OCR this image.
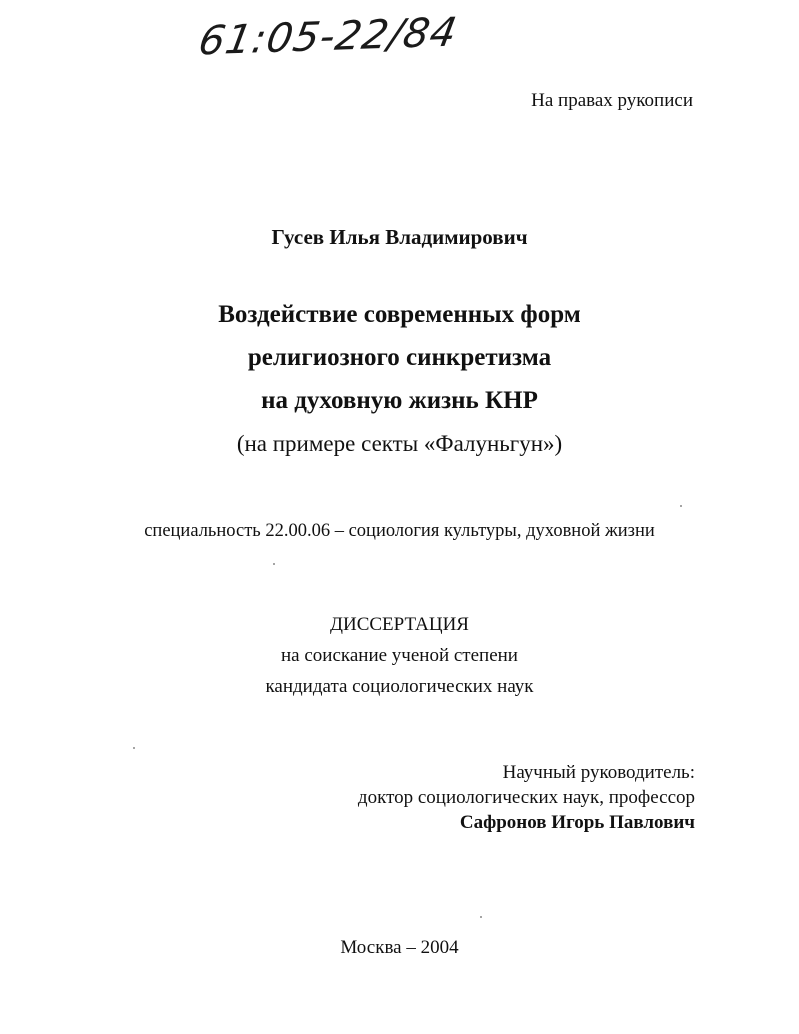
61:05-22/84
На правах рукописи
Гусев Илья Владимирович
Воздействие современных форм
религиозного синкретизма
на духовную жизнь КНР
(на примере секты «Фалуньгун»)
специальность 22.00.06 – социология культуры, духовной жизни
ДИССЕРТАЦИЯ
на соискание ученой степени
кандидата социологических наук
Научный руководитель:
доктор социологических наук, профессор
Сафронов Игорь Павлович
Москва – 2004
